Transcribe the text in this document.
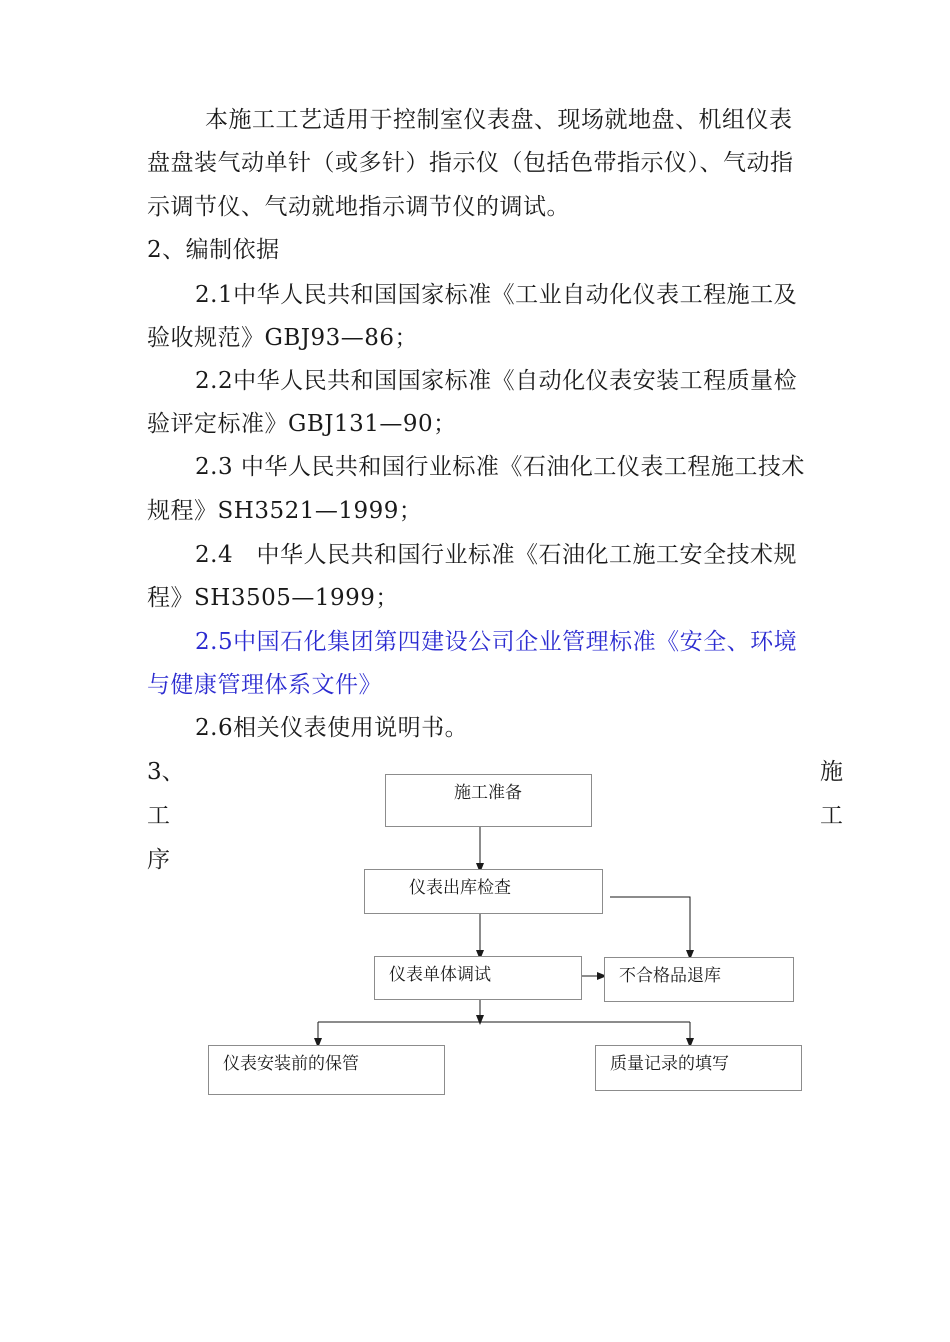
本施工工艺适用于控制室仪表盘、现场就地盘、机组仪表
盘盘装气动单针（或多针）指示仪（包括色带指示仪）、气动指
示调节仪、气动就地指示调节仪的调试。
2、编制依据
2.1中华人民共和国国家标准《工业自动化仪表工程施工及
验收规范》GBJ93—86；
2.2中华人民共和国国家标准《自动化仪表安装工程质量检
验评定标准》GBJ131—90；
2.3 中华人民共和国行业标准《石油化工仪表工程施工技术
规程》SH3521—1999；
2.4   中华人民共和国行业标准《石油化工施工安全技术规
程》SH3505—1999；
2.5中国石化集团第四建设公司企业管理标准《安全、环境
与健康管理体系文件》
2.6相关仪表使用说明书。
3、
工
序
施
工
施工准备
仪表出库检查
仪表单体调试	不合格品退库
仪表安装前的保管	质量记录的填写
